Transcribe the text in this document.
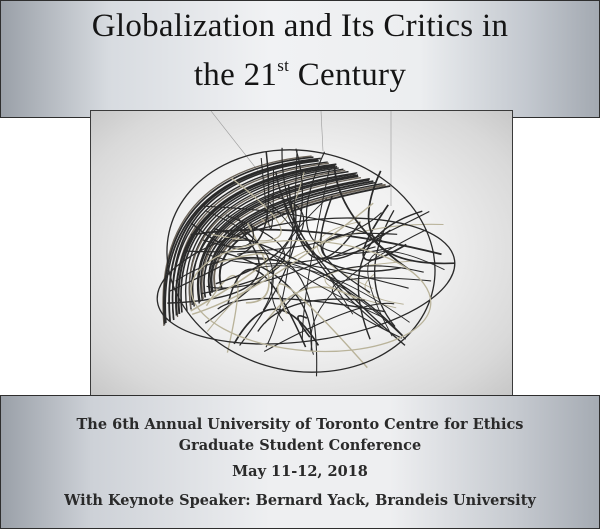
Globalization and Its Critics in
the 21st Century
The 6th Annual University of Toronto Centre for Ethics
Graduate Student Conference
May 11-12, 2018
With Keynote Speaker: Bernard Yack, Brandeis University
